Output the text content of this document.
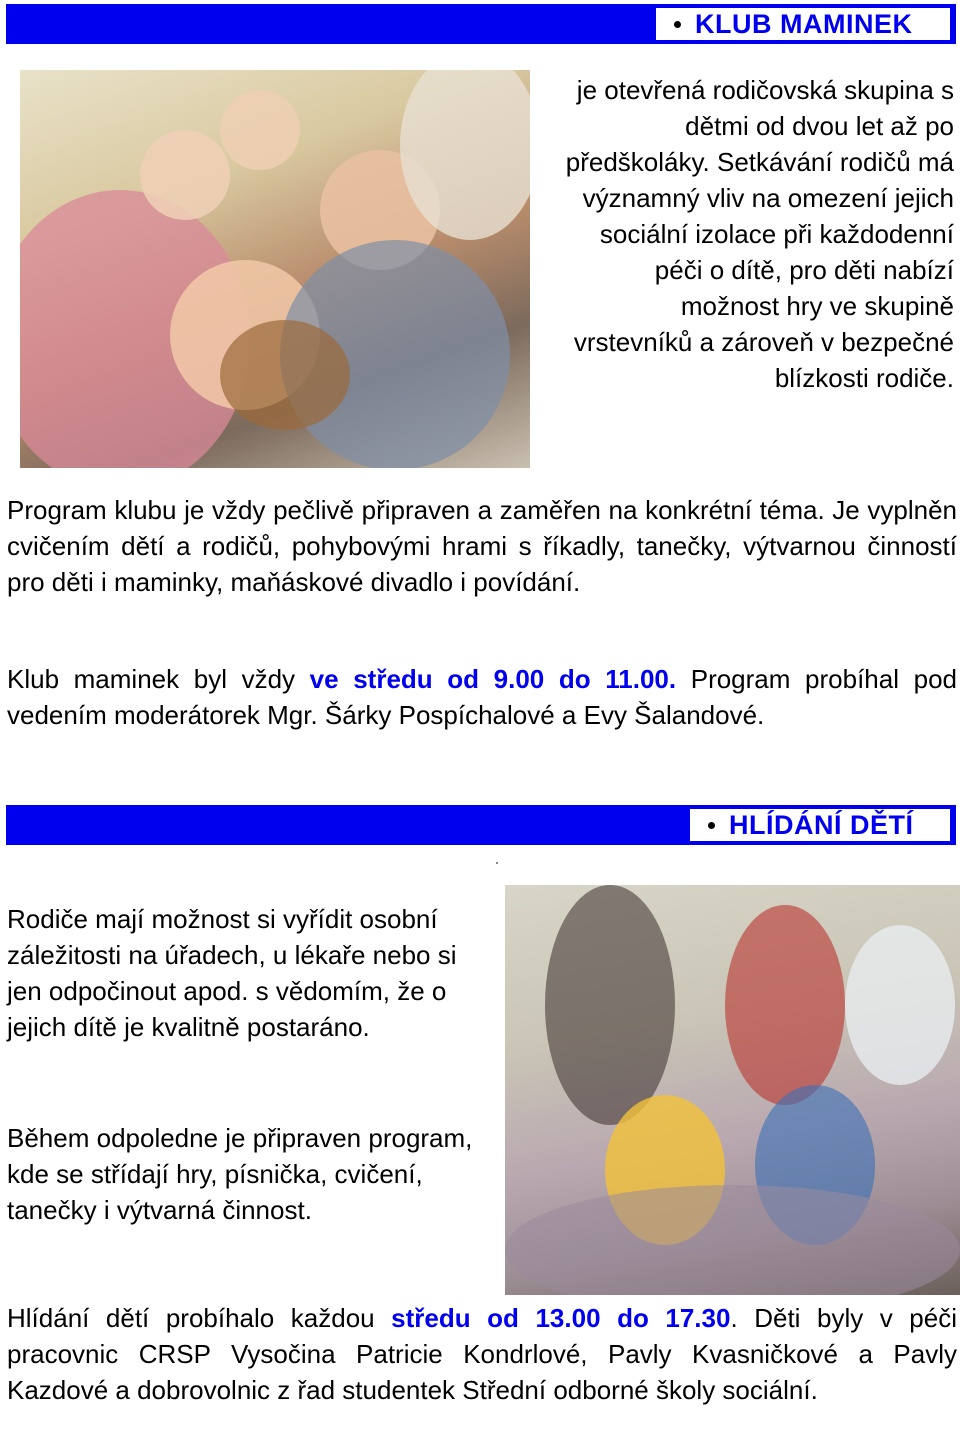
KLUB MAMINEK
je otevřená rodičovská skupina s dětmi od dvou let až po předškoláky. Setkávání rodičů má významný vliv na omezení jejich sociální izolace při každodenní péči o dítě, pro děti nabízí možnost hry ve skupině vrstevníků a zároveň v bezpečné blízkosti rodiče.
Program klubu je vždy pečlivě připraven a zaměřen na konkrétní téma. Je vyplněn cvičením dětí a rodičů, pohybovými hrami s říkadly, tanečky, výtvarnou činností pro děti i maminky, maňáskové divadlo i povídání.
Klub maminek byl vždy ve středu od 9.00 do 11.00. Program probíhal pod vedením moderátorek Mgr. Šárky Pospíchalové a Evy Šalandové.
HLÍDÁNÍ DĚTÍ
Rodiče mají možnost si vyřídit osobní záležitosti na úřadech, u lékaře nebo si jen odpočinout apod. s vědomím, že o jejich dítě je kvalitně postaráno.
Během odpoledne je připraven program, kde se střídají hry, písnička, cvičení, tanečky i výtvarná činnost.
Hlídání dětí probíhalo každou středu od 13.00 do 17.30. Děti byly v péči pracovnic CRSP Vysočina Patricie Kondrlové, Pavly Kvasničkové a Pavly Kazdové a dobrovolnic z řad studentek Střední odborné školy sociální.
